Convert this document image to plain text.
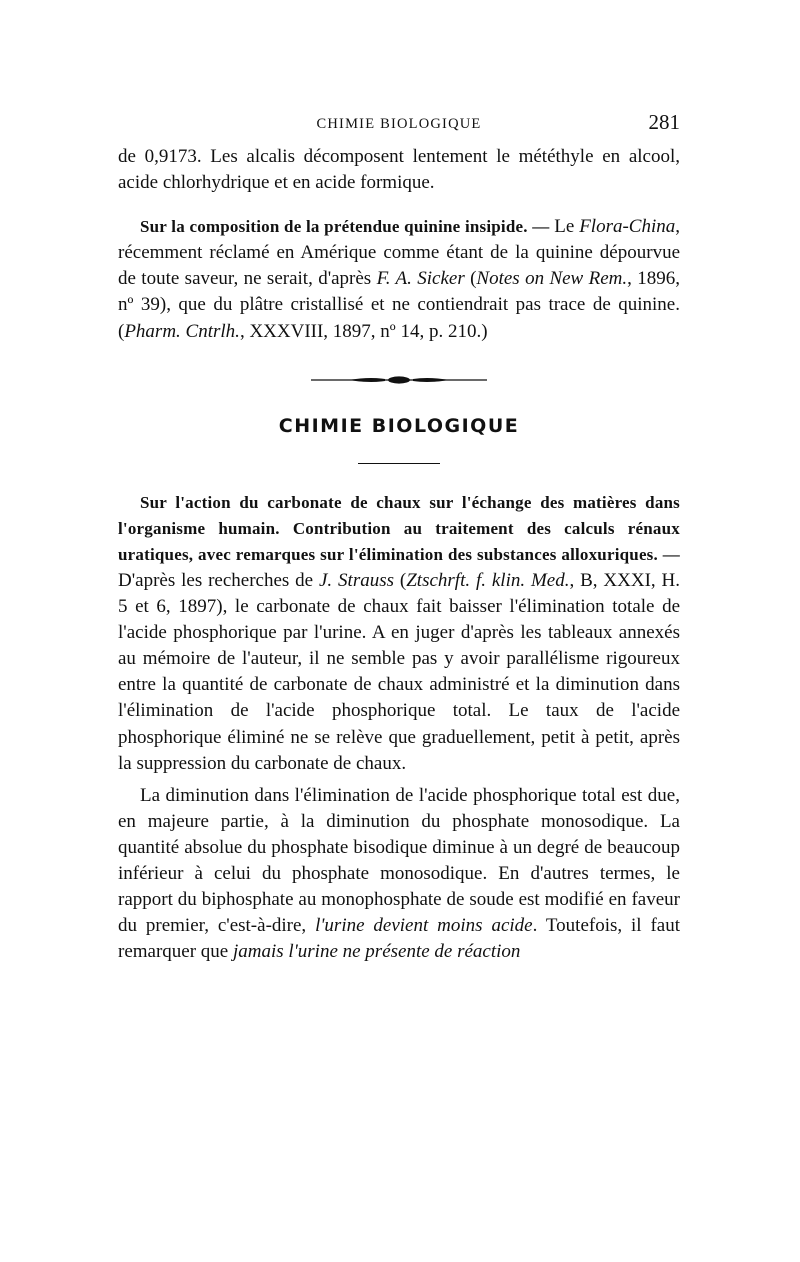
CHIMIE BIOLOGIQUE	281

de 0,9173. Les alcalis décomposent lentement le météthyle en alcool, acide chlorhydrique et en acide formique.

Sur la composition de la prétendue quinine insipide. — Le Flora-China, récemment réclamé en Amérique comme étant de la quinine dépourvue de toute saveur, ne serait, d'après F. A. Sicker (Notes on New Rem., 1896, nº 39), que du plâtre cristallisé et ne contiendrait pas trace de quinine. (Pharm. Cntrlh., XXXVIII, 1897, nº 14, p. 210.)

CHIMIE BIOLOGIQUE

Sur l'action du carbonate de chaux sur l'échange des matières dans l'organisme humain. Contribution au traitement des calculs rénaux uratiques, avec remarques sur l'élimination des substances alloxuriques. — D'après les recherches de J. Strauss (Ztschrft. f. klin. Med., B, XXXI, H. 5 et 6, 1897), le carbonate de chaux fait baisser l'élimination totale de l'acide phosphorique par l'urine. A en juger d'après les tableaux annexés au mémoire de l'auteur, il ne semble pas y avoir parallélisme rigoureux entre la quantité de carbonate de chaux administré et la diminution dans l'élimination de l'acide phosphorique total. Le taux de l'acide phosphorique éliminé ne se relève que graduellement, petit à petit, après la suppression du carbonate de chaux.

La diminution dans l'élimination de l'acide phosphorique total est due, en majeure partie, à la diminution du phosphate monosodique. La quantité absolue du phosphate bisodique diminue à un degré de beaucoup inférieur à celui du phosphate monosodique. En d'autres termes, le rapport du biphosphate au monophosphate de soude est modifié en faveur du premier, c'est-à-dire, l'urine devient moins acide. Toutefois, il faut remarquer que jamais l'urine ne présente de réaction
